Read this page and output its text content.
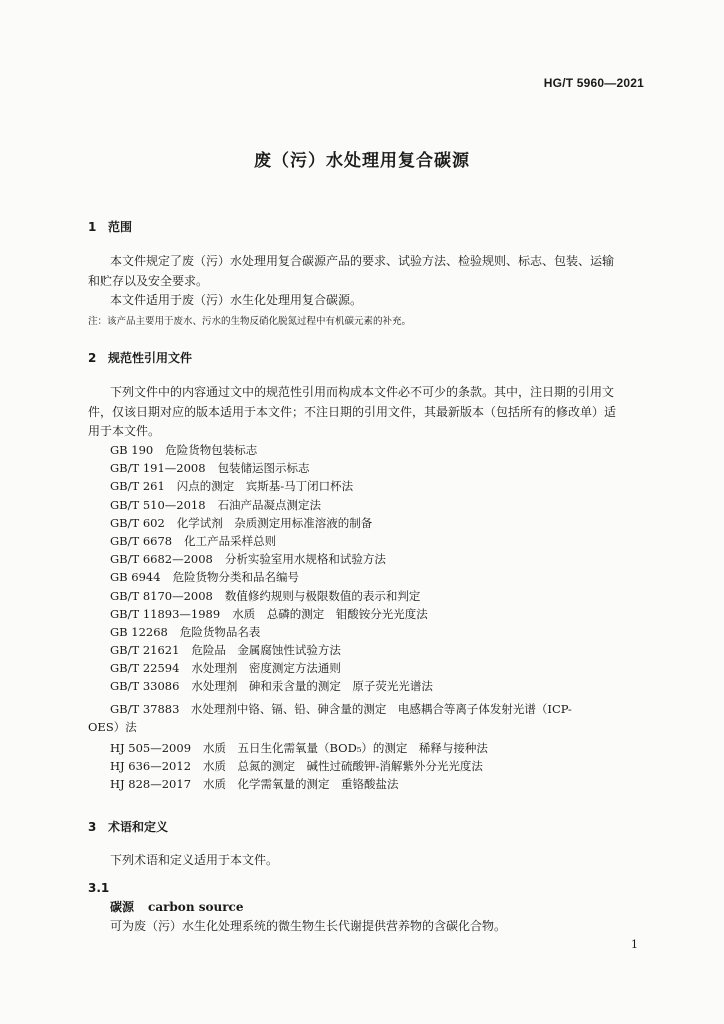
HG/T 5960—2021
废（污）水处理用复合碳源
1 范围
本文件规定了废（污）水处理用复合碳源产品的要求、试验方法、检验规则、标志、包装、运输
和贮存以及安全要求。
本文件适用于废（污）水生化处理用复合碳源。
注：该产品主要用于废水、污水的生物反硝化脱氮过程中有机碳元素的补充。
2 规范性引用文件
下列文件中的内容通过文中的规范性引用而构成本文件必不可少的条款。其中，注日期的引用文
件，仅该日期对应的版本适用于本文件；不注日期的引用文件，其最新版本（包括所有的修改单）适
用于本文件。
GB 190 危险货物包装标志
GB/T 191—2008 包装储运图示标志
GB/T 261 闪点的测定　宾斯基-马丁闭口杯法
GB/T 510—2018 石油产品凝点测定法
GB/T 602 化学试剂　杂质测定用标准溶液的制备
GB/T 6678 化工产品采样总则
GB/T 6682—2008 分析实验室用水规格和试验方法
GB 6944 危险货物分类和品名编号
GB/T 8170—2008 数值修约规则与极限数值的表示和判定
GB/T 11893—1989 水质　总磷的测定　钼酸铵分光光度法
GB 12268 危险货物品名表
GB/T 21621 危险品　金属腐蚀性试验方法
GB/T 22594 水处理剂　密度测定方法通则
GB/T 33086 水处理剂　砷和汞含量的测定　原子荧光光谱法
GB/T 37883　水处理剂中铬、镉、铅、砷含量的测定　电感耦合等离子体发射光谱（ICP-
OES）法
HJ 505—2009 水质　五日生化需氧量（BOD₅）的测定　稀释与接种法
HJ 636—2012 水质　总氮的测定　碱性过硫酸钾-消解紫外分光光度法
HJ 828—2017 水质　化学需氧量的测定　重铬酸盐法
3 术语和定义
下列术语和定义适用于本文件。
3.1
碳源 carbon source
可为废（污）水生化处理系统的微生物生长代谢提供营养物的含碳化合物。
1
